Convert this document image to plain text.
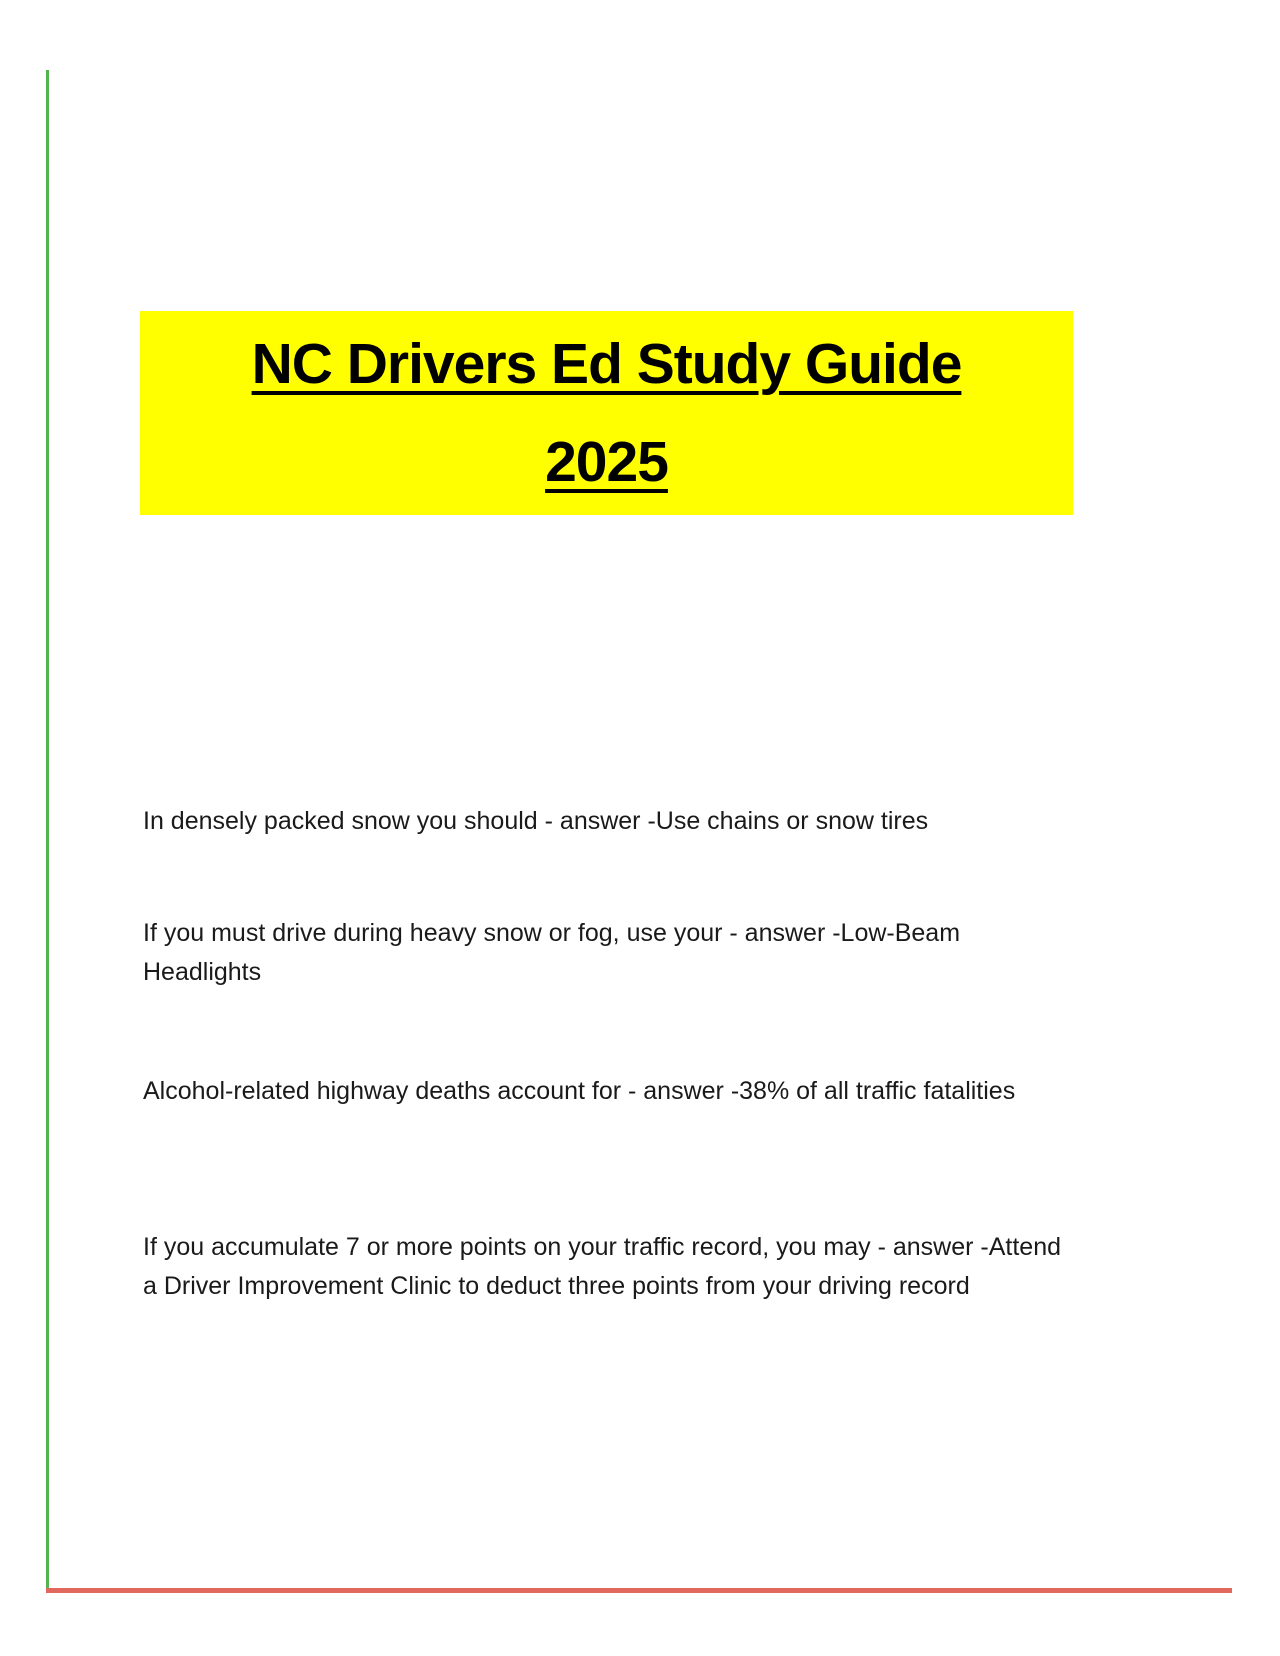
NC Drivers Ed Study Guide
2025

In densely packed snow you should - answer -Use chains or snow tires

If you must drive during heavy snow or fog, use your - answer -Low-Beam Headlights

Alcohol-related highway deaths account for - answer -38% of all traffic fatalities

If you accumulate 7 or more points on your traffic record, you may - answer -Attend a Driver Improvement Clinic to deduct three points from your driving record
